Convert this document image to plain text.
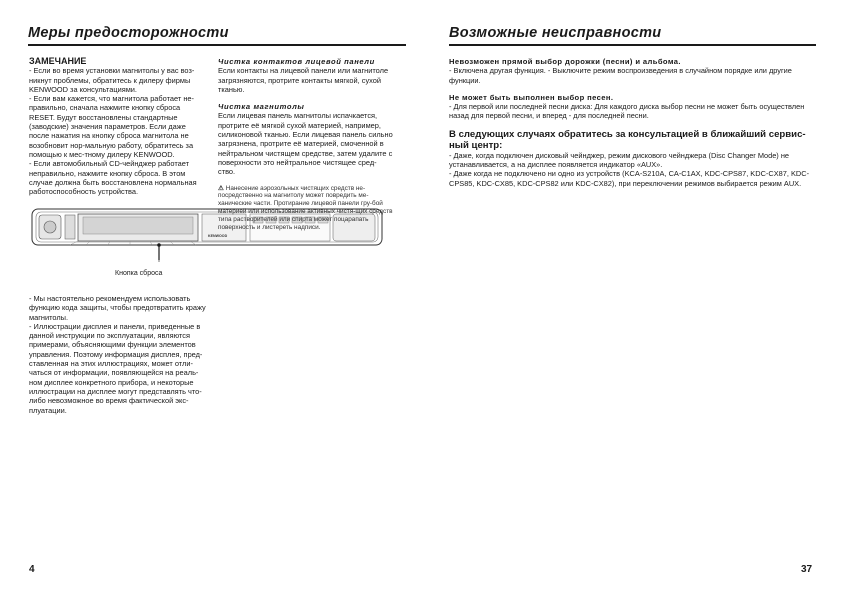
Меры предосторожности	Возможные неисправности

ЗАМЕЧАНИЕ

- Если во время установки магнитолы у вас воз-никнут проблемы, обратитесь к дилеру фирмы KENWOOD за консультациями.

- Если вам кажется, что магнитола работает не-правильно, сначала нажмите кнопку сброса RESET. Будут восстановлены стандартные (заводские) значения параметров. Если даже после нажатия на кнопку сброса магнитола не возобновит нор-мальную работу, обратитесь за помощью к мес-тному дилеру KENWOOD.

- Если автомобильный CD-чейнджер работает неправильно, нажмите кнопку сброса. В этом случае должна быть восстановлена нормальная работоспособность устройства.

KENWOOD
Кнопка сброса

- Мы настоятельно рекомендуем использовать функцию кода защиты, чтобы предотвратить кражу магнитолы.

- Иллюстрации дисплея и панели, приведенные в данной инструкции по эксплуатации, являются примерами, объясняющими функции элементов управления. Поэтому информация дисплея, пред-ставленная на этих иллюстрациях, может отли-чаться от информации, появляющейся на реаль-ном дисплее конкретного прибора, и некоторые иллюстрации на дисплее могут представлять что-либо невозможное во время фактической экс-плуатации.

Чистка контактов лицевой панели

Если контакты на лицевой панели или магнитоле загрязняются, протрите контакты мягкой, сухой тканью.

Чистка магнитолы

Если лицевая панель магнитолы испачкается, протрите её мягкой сухой материей, например, силиконовой тканью. Если лицевая панель сильно загрязнена, протрите её материей, смоченной в нейтральном чистящем средстве, затем удалите с поверхности это нейтральное чистящее сред-ство.

⚠ Нанесение аэрозольных чистящих средств не-посредственно на магнитолу может повредить ме-ханические части. Протирание лицевой панели гру-бой материей или использование активных чистя-щих средств типа растворителей или спирта может поцарапать поверхность и листереть надписи.

Невозможен прямой выбор дорожки (песни) и альбома.

- Включена другая функция. - Выключите режим воспроизведения в случайном порядке или другие функции.

Не может быть выполнен выбор песен.

- Для первой или последней песни диска: Для каждого диска выбор песни не может быть осуществлен назад для первой песни, и вперед - для последней песни.

В следующих случаях обратитесь за консультацией в ближайший сервис-ный центр:

- Даже, когда подключен дисковый чейнджер, режим дискового чейнджера (Disc Changer Mode) не устанавливается, а на дисплее появляется индикатор «AUX».

- Даже когда не подключено ни одно из устройств (KCA-S210A, CA-C1AX, KDC-CPS87, KDC-CX87, KDC-CPS85, KDC-CX85, KDC-CPS82 или KDC-CX82), при переключении режимов выбирается режим AUX.

4	37
